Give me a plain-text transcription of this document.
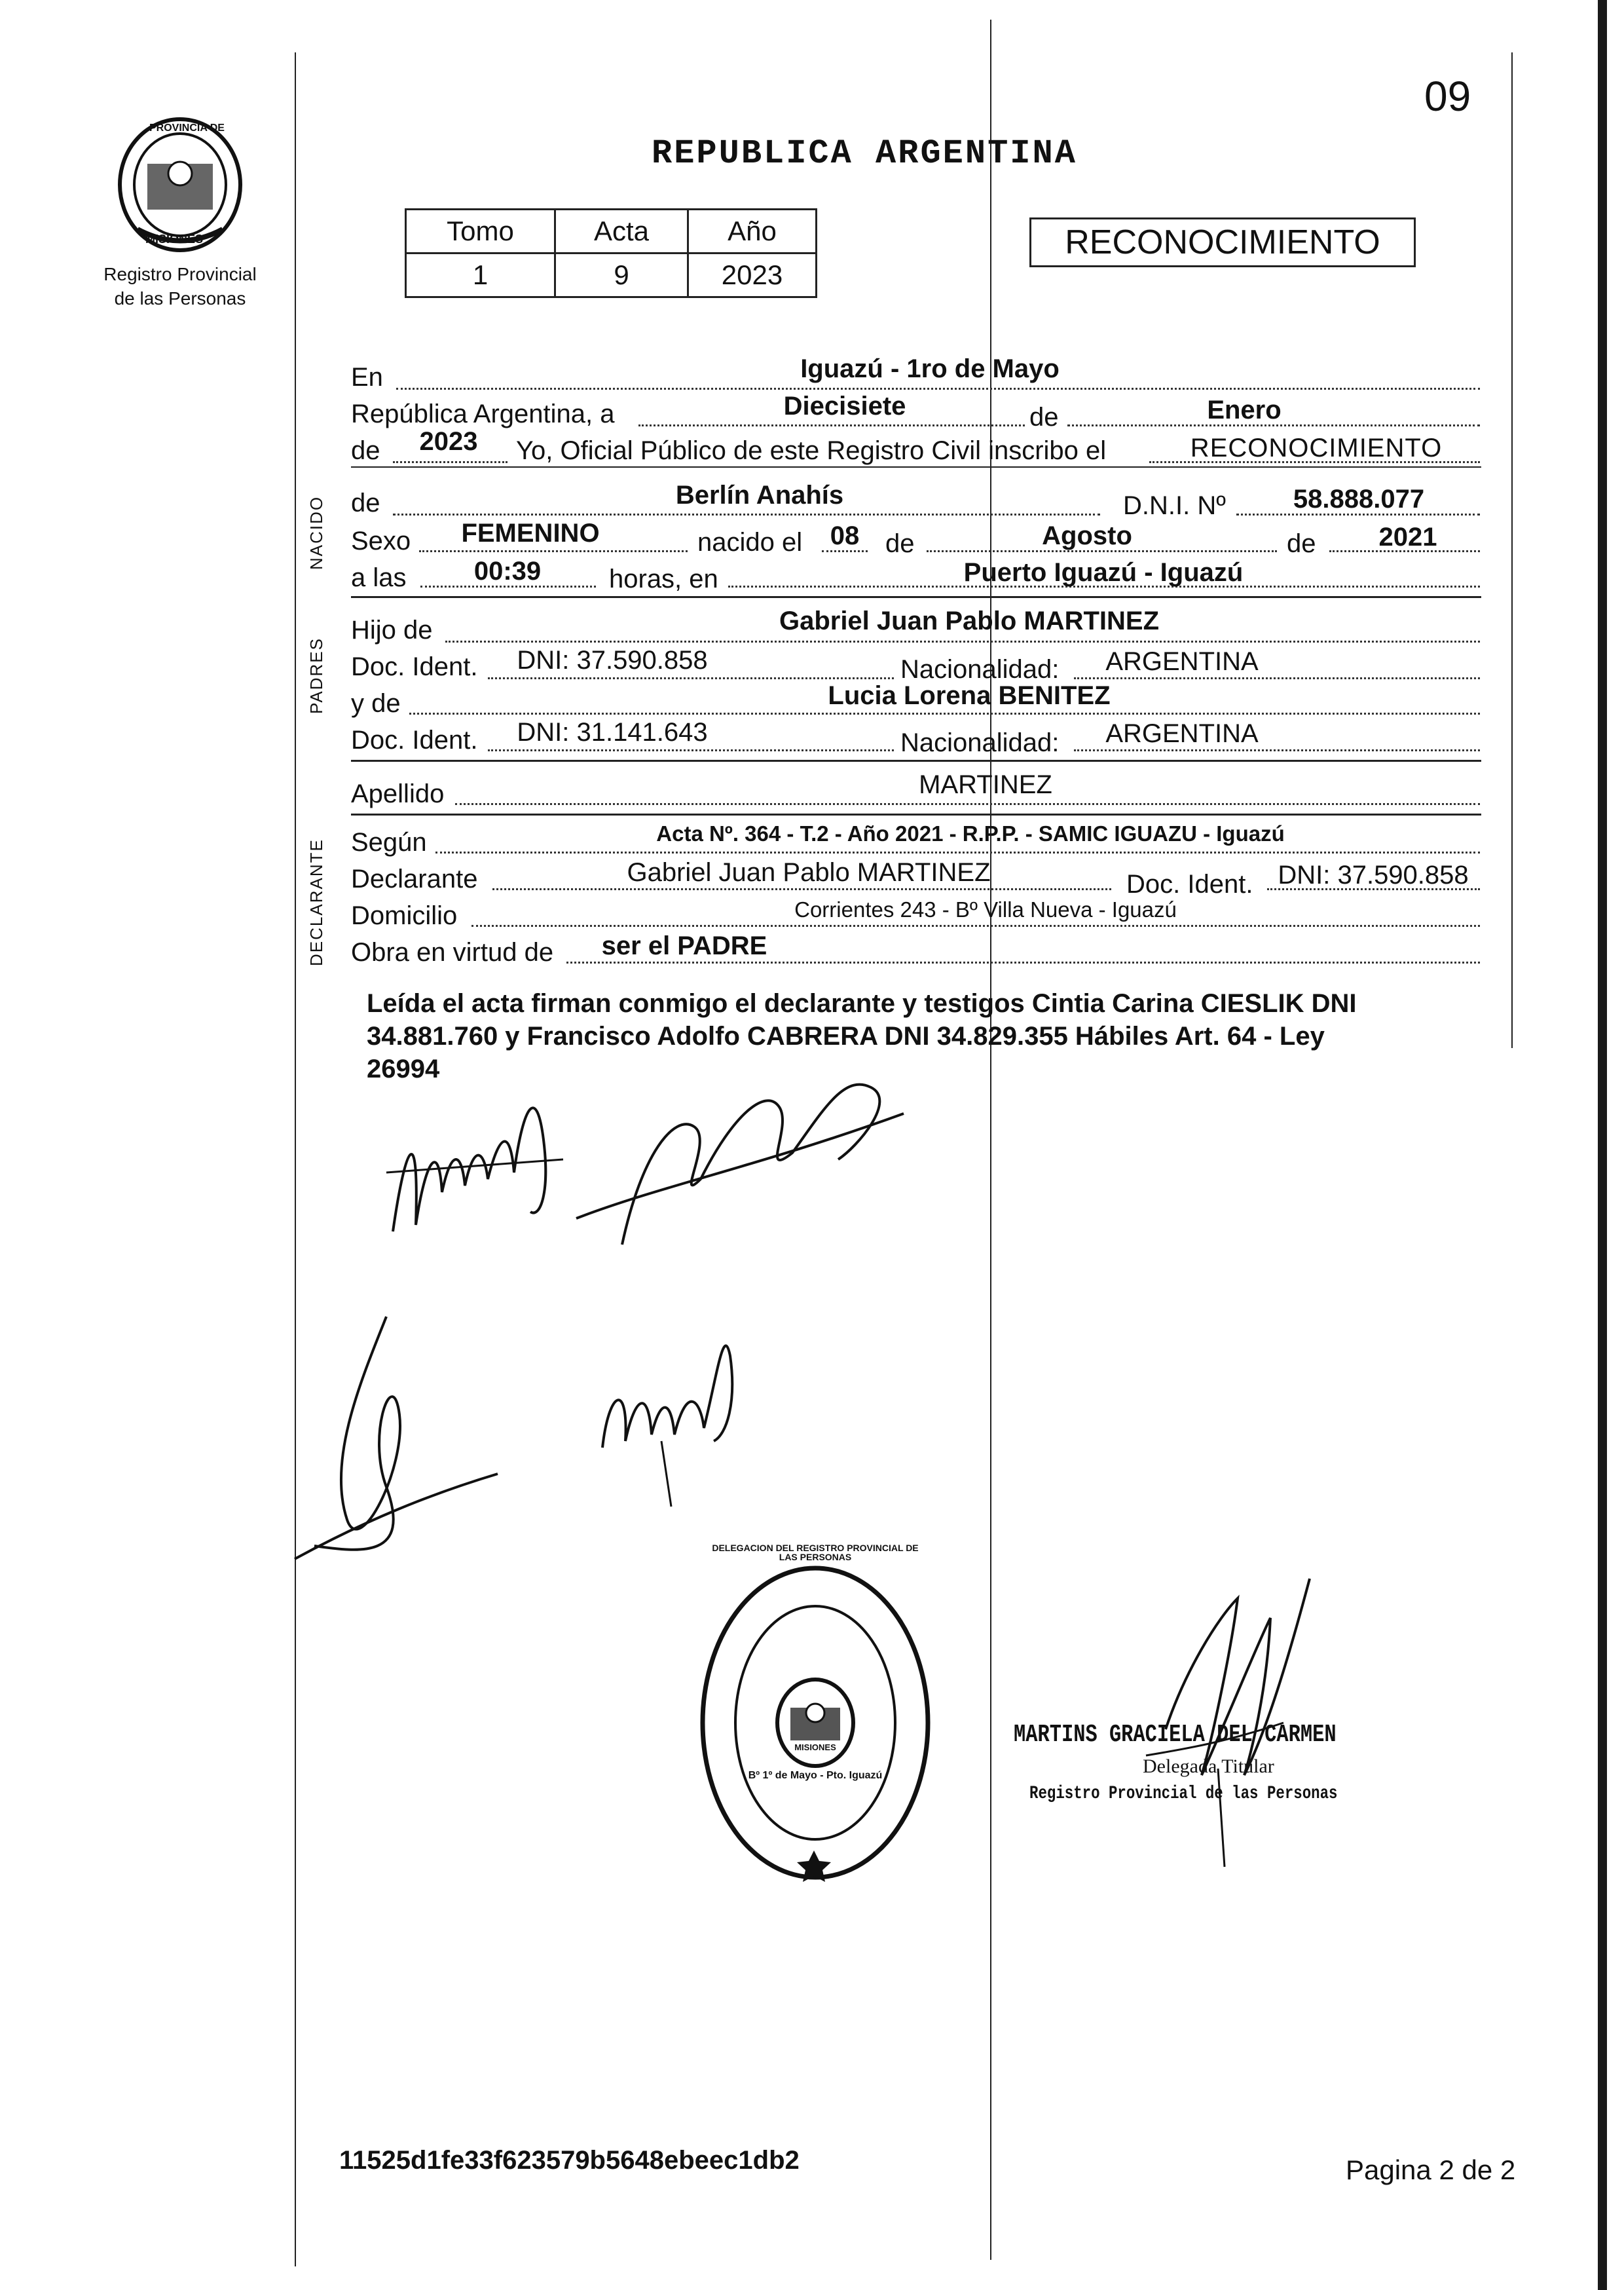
09
PROVINCIA DE
MISIONES
Registro Provincial
de las Personas
REPUBLICA ARGENTINA
Tomo	Acta	Año
1	9	2023
RECONOCIMIENTO
NACIDO
PADRES
DECLARANTE
En	Iguazú - 1ro de Mayo
República Argentina, a	Diecisiete	de	Enero
de 2023 Yo, Oficial Público de este Registro Civil inscribo el	RECONOCIMIENTO
de	Berlín Anahís	D.N.I. Nº	58.888.077
Sexo FEMENINO	nacido el 08 de	Agosto	de 2021
a las	00:39	horas, en	Puerto Iguazú - Iguazú
Hijo de	Gabriel Juan Pablo MARTINEZ
Doc. Ident. DNI: 37.590.858	Nacionalidad: ARGENTINA
y de	Lucia Lorena BENITEZ
Doc. Ident. DNI: 31.141.643	Nacionalidad: ARGENTINA
Apellido	MARTINEZ
Según	Acta Nº. 364 - T.2 - Año 2021 - R.P.P. - SAMIC IGUAZU - Iguazú
Declarante	Gabriel Juan Pablo MARTINEZ	Doc. Ident. DNI: 37.590.858
Domicilio	Corrientes 243 - Bº Villa Nueva - Iguazú
Obra en virtud de ser el PADRE
Leída el acta firman conmigo el declarante y testigos Cintia Carina CIESLIK DNI
34.881.760 y Francisco Adolfo CABRERA DNI 34.829.355 Hábiles Art. 64 - Ley
26994
DELEGACION DEL REGISTRO PROVINCIAL DE LAS PERSONAS
Bº 1º de Mayo - Pto. Iguazú
MISIONES	MARTINS GRACIELA DEL CARMEN
Delegada Titular
Registro Provincial de las Personas
11525d1fe33f623579b5648ebeec1db2	Pagina 2 de 2
